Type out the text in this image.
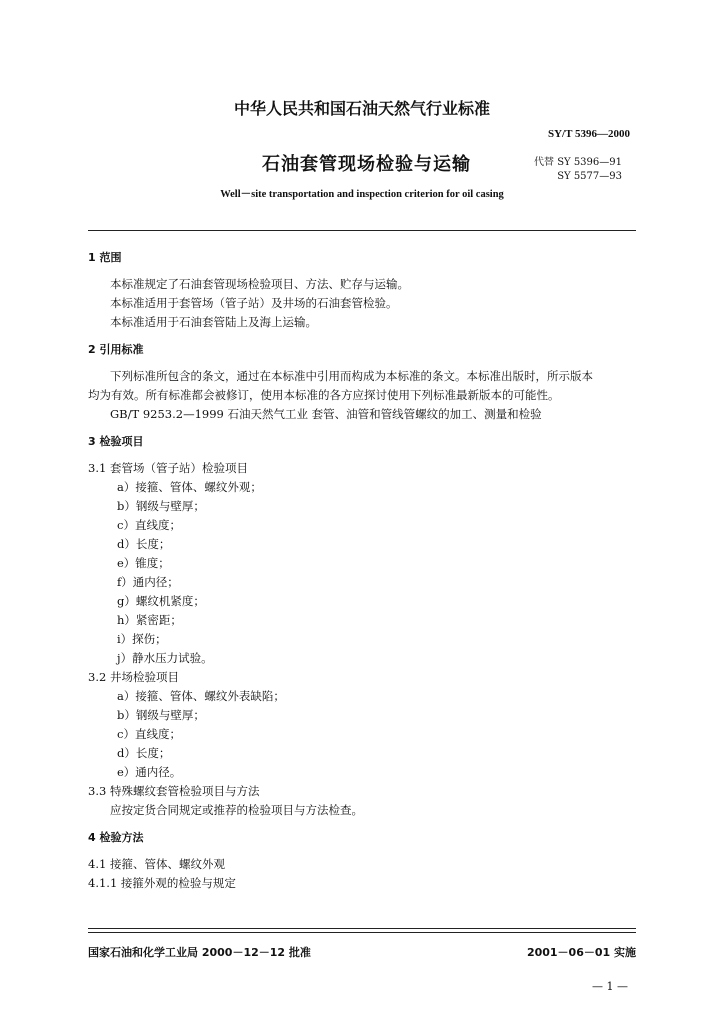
中华人民共和国石油天然气行业标准
SY/T 5396—2000
石油套管现场检验与运输	代替 SY 5396—91
SY 5577—93
Well－site transportation and inspection criterion for oil casing

1 范围

本标准规定了石油套管现场检验项目、方法、贮存与运输。

本标准适用于套管场（管子站）及井场的石油套管检验。

本标准适用于石油套管陆上及海上运输。

2 引用标准

下列标准所包含的条文，通过在本标准中引用而构成为本标准的条文。本标准出版时，所示版本

均为有效。所有标准都会被修订，使用本标准的各方应探讨使用下列标准最新版本的可能性。

GB/T 9253.2—1999 石油天然气工业 套管、油管和管线管螺纹的加工、测量和检验

3 检验项目

3.1 套管场（管子站）检验项目

a）接箍、管体、螺纹外观；

b）钢级与壁厚；

c）直线度；

d）长度；

e）锥度；

f）通内径；

g）螺纹机紧度；

h）紧密距；

i）探伤；

j）静水压力试验。

3.2 井场检验项目

a）接箍、管体、螺纹外表缺陷；

b）钢级与壁厚；

c）直线度；

d）长度；

e）通内径。

3.3 特殊螺纹套管检验项目与方法

应按定货合同规定或推荐的检验项目与方法检查。

4 检验方法

4.1 接箍、管体、螺纹外观

4.1.1 接箍外观的检验与规定

国家石油和化学工业局 2000－12－12 批准	2001－06－01 实施
— 1 —
